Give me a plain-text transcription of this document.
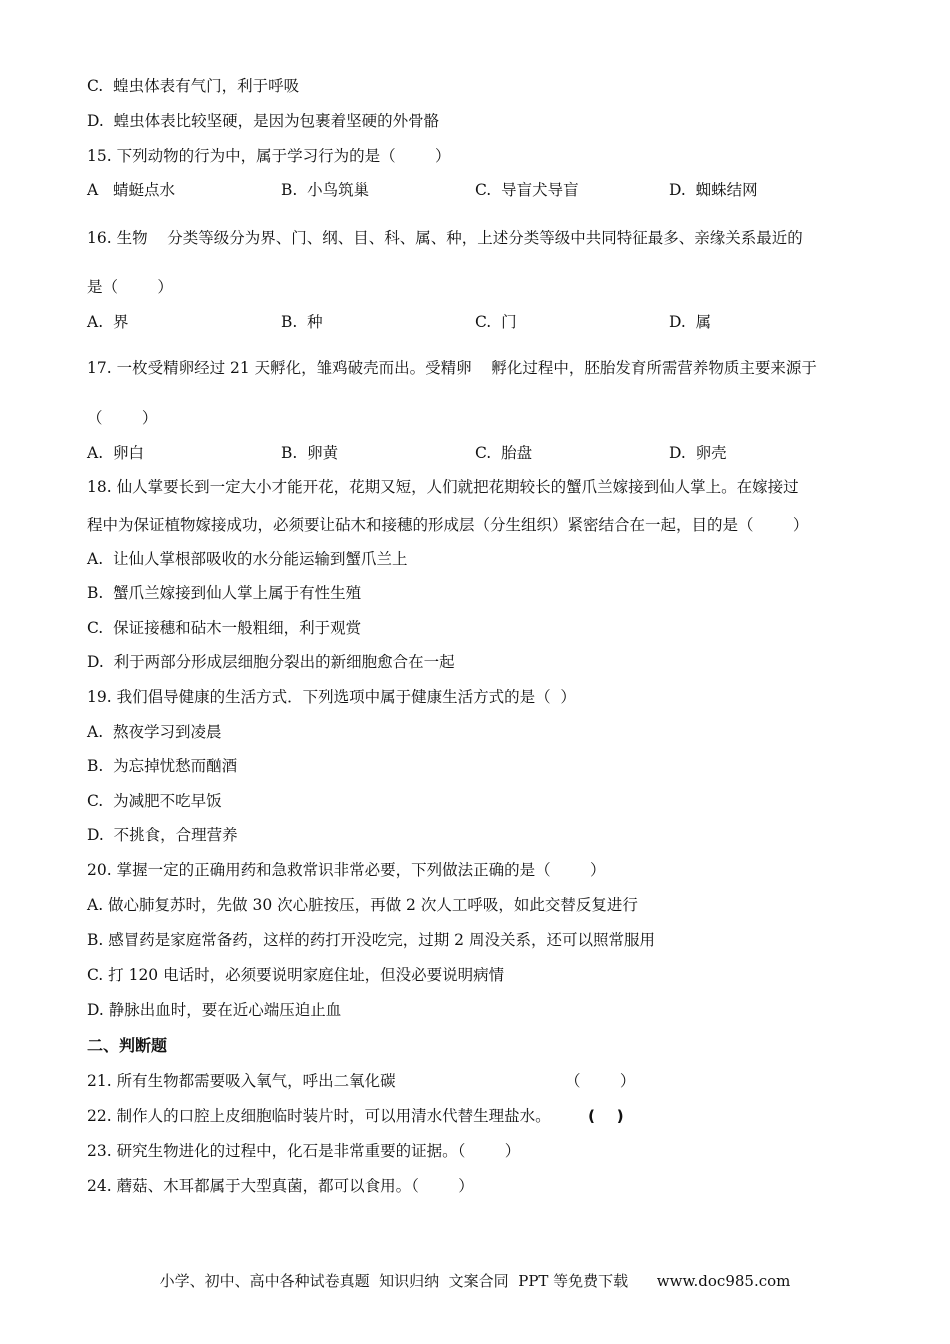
C.  蝗虫体表有气门，利于呼吸
D.  蝗虫体表比较坚硬，是因为包裹着坚硬的外骨骼
15. 下列动物的行为中，属于学习行为的是（        ）
A   蜻蜓点水	B.  小鸟筑巢	C.  导盲犬导盲	D.  蜘蛛结网
16. 生物    分类等级分为界、门、纲、目、科、属、种，上述分类等级中共同特征最多、亲缘关系最近的
是（        ）
A.  界	B.  种	C.  门	D.  属
17. 一枚受精卵经过 21 天孵化，雏鸡破壳而出。受精卵    孵化过程中，胚胎发育所需营养物质主要来源于
（        ）
A.  卵白	B.  卵黄	C.  胎盘	D.  卵壳
18. 仙人掌要长到一定大小才能开花，花期又短，人们就把花期较长的蟹爪兰嫁接到仙人掌上。在嫁接过
程中为保证植物嫁接成功，必须要让砧木和接穗的形成层（分生组织）紧密结合在一起，目的是（        ）
A.  让仙人掌根部吸收的水分能运输到蟹爪兰上
B.  蟹爪兰嫁接到仙人掌上属于有性生殖
C.  保证接穗和砧木一般粗细，利于观赏
D.  利于两部分形成层细胞分裂出的新细胞愈合在一起
19. 我们倡导健康的生活方式．下列选项中属于健康生活方式的是（  ）
A.  熬夜学习到凌晨
B.  为忘掉忧愁而酗酒
C.  为减肥不吃早饭
D.  不挑食，合理营养
20. 掌握一定的正确用药和急救常识非常必要，下列做法正确的是（        ）
A. 做心肺复苏时，先做 30 次心脏按压，再做 2 次人工呼吸，如此交替反复进行
B. 感冒药是家庭常备药，这样的药打开没吃完，过期 2 周没关系，还可以照常服用
C. 打 120 电话时，必须要说明家庭住址，但没必要说明病情
D. 静脉出血时，要在近心端压迫止血
二、判断题
21. 所有生物都需要吸入氧气，呼出二氧化碳	（        ）
22. 制作人的口腔上皮细胞临时装片时，可以用清水代替生理盐水。 (    )
23. 研究生物进化的过程中，化石是非常重要的证据。（        ）
24. 蘑菇、木耳都属于大型真菌，都可以食用。（        ）
小学、初中、高中各种试卷真题  知识归纳  文案合同  PPT 等免费下载      www.doc985.com
